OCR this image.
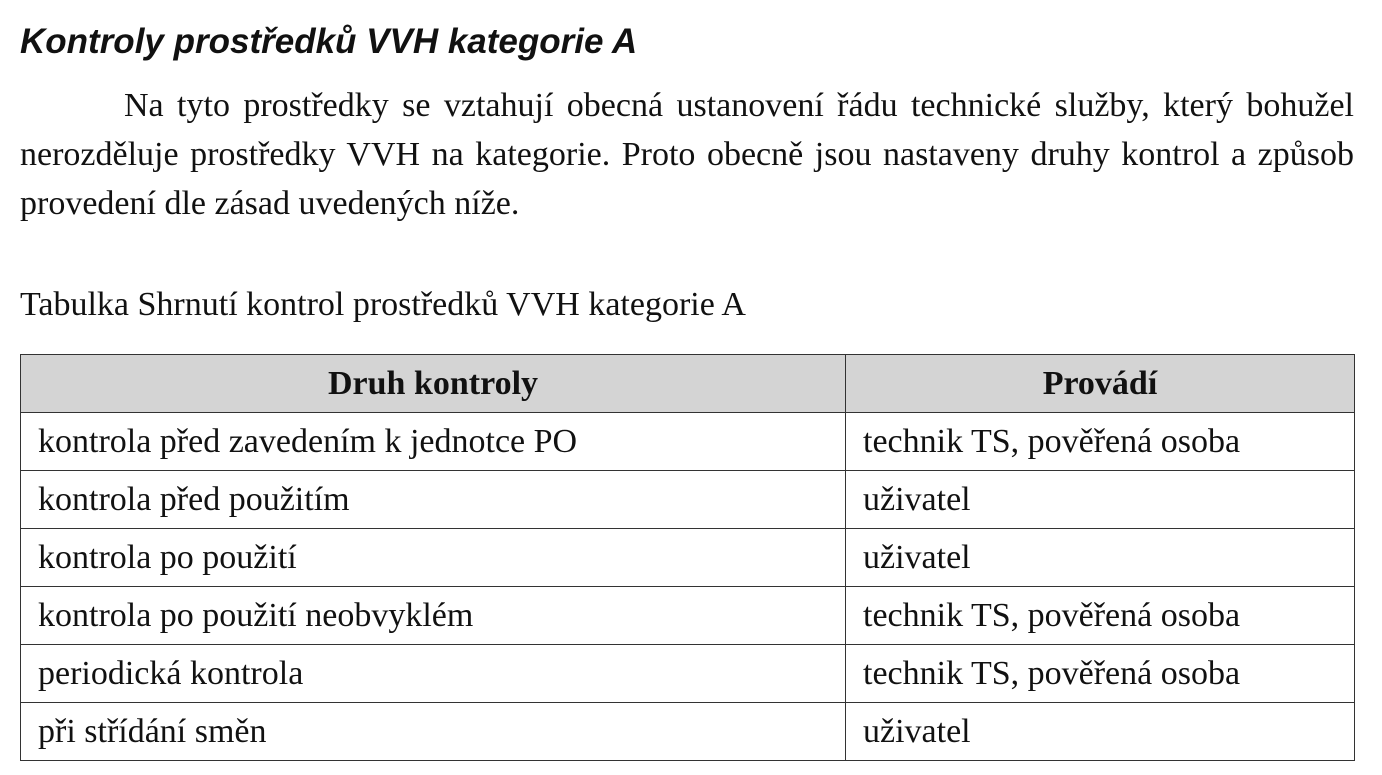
Kontroly prostředků VVH kategorie A

Na tyto prostředky se vztahují obecná ustanovení řádu technické služby, který bohužel nerozděluje prostředky VVH na kategorie. Proto obecně jsou nastaveny druhy kontrol a způsob provedení dle zásad uvedených níže.

Tabulka Shrnutí kontrol prostředků VVH kategorie A

Druh kontroly	Provádí
kontrola před zavedením k jednotce PO	technik TS, pověřená osoba
kontrola před použitím	uživatel
kontrola po použití	uživatel
kontrola po použití neobvyklém	technik TS, pověřená osoba
periodická kontrola	technik TS, pověřená osoba
při střídání směn	uživatel
